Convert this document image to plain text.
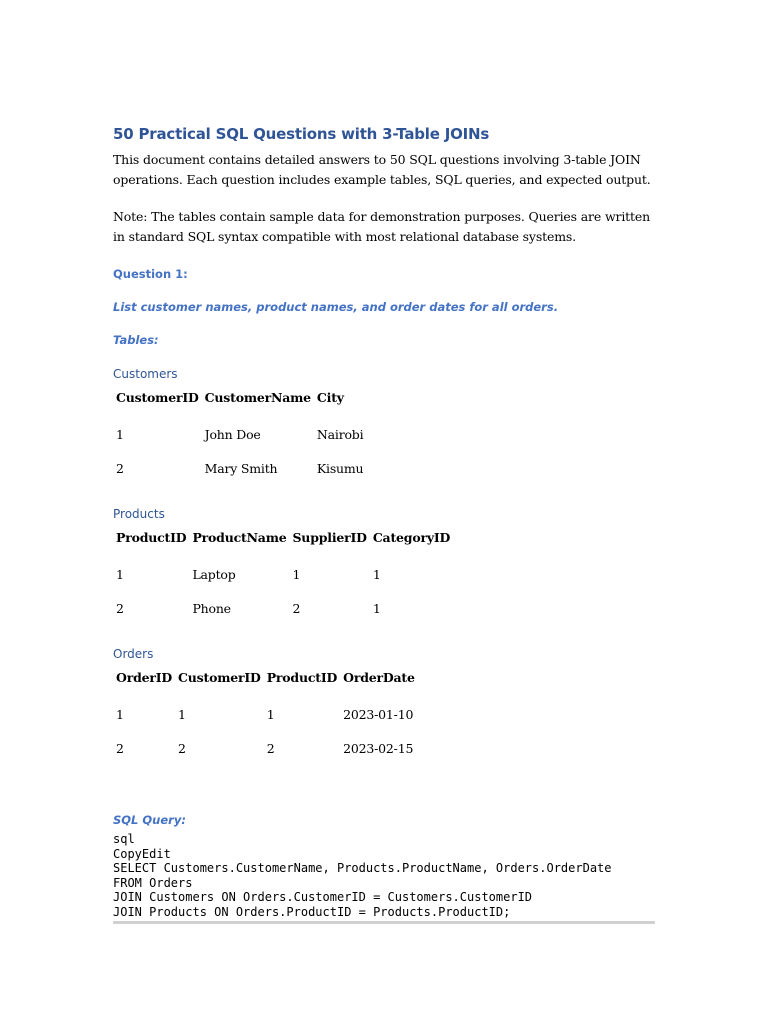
50 Practical SQL Questions with 3-Table JOINs

This document contains detailed answers to 50 SQL questions involving 3-table JOIN operations. Each question includes example tables, SQL queries, and expected output.

Note: The tables contain sample data for demonstration purposes. Queries are written in standard SQL syntax compatible with most relational database systems.

Question 1:
List customer names, product names, and order dates for all orders.
Tables:
Customers
CustomerID	CustomerName	City
1	John Doe	Nairobi
2	Mary Smith	Kisumu
Products
ProductID	ProductName	SupplierID	CategoryID
1	Laptop	1	1
2	Phone	2	1
Orders
OrderID	CustomerID	ProductID	OrderDate
1	1	1	2023-01-10
2	2	2	2023-02-15
SQL Query:
sql
CopyEdit
SELECT Customers.CustomerName, Products.ProductName, Orders.OrderDate
FROM Orders
JOIN Customers ON Orders.CustomerID = Customers.CustomerID
JOIN Products ON Orders.ProductID = Products.ProductID;
